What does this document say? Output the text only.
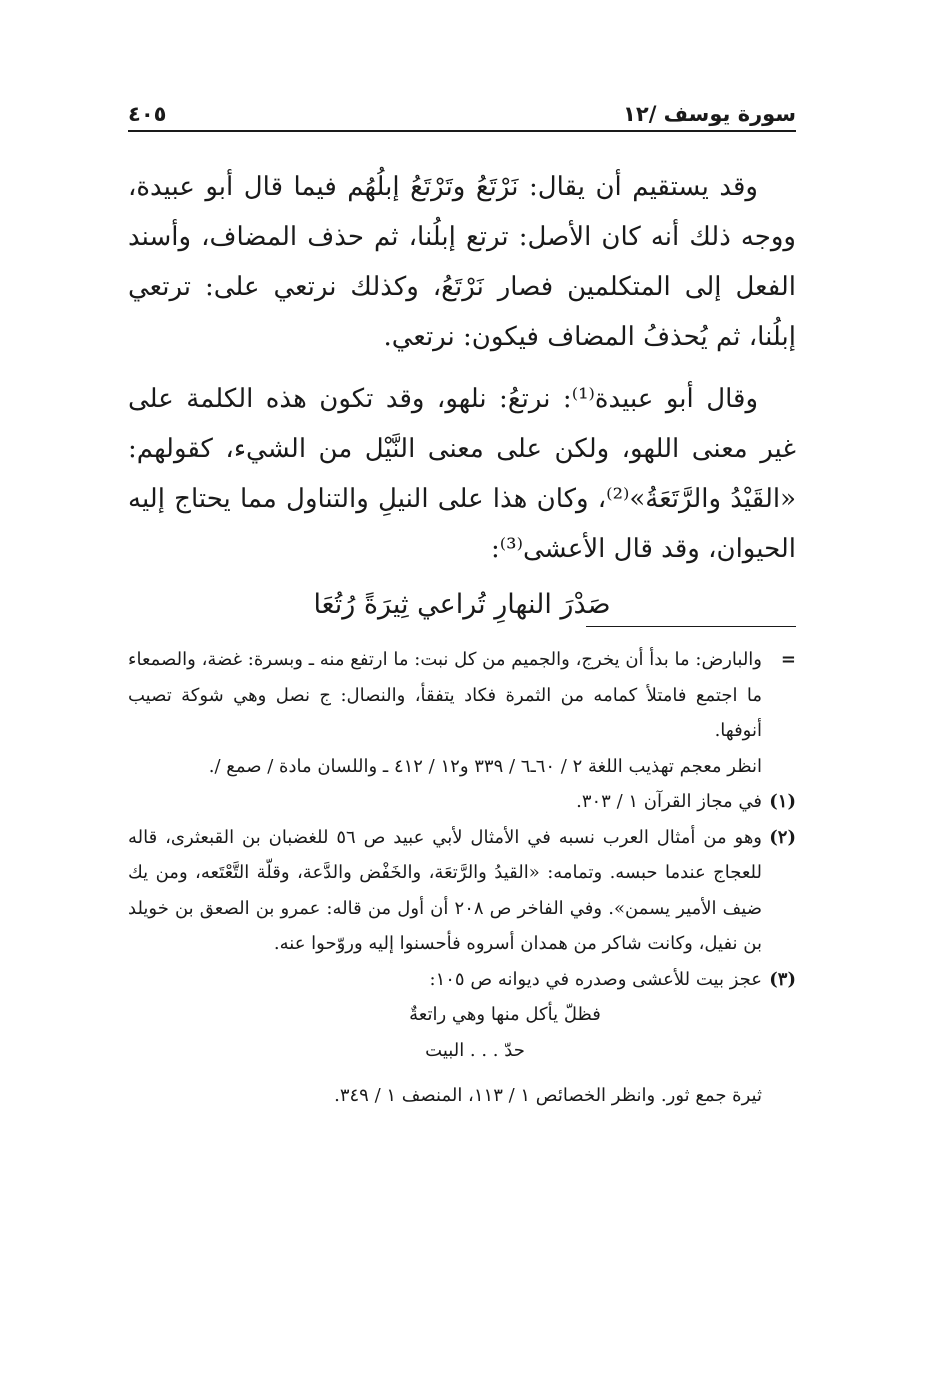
سورة يوسف /١٢
٤٠٥

وقد يستقيم أن يقال: نَرْتَعُ وتَرْتَعُ إبلُهُم فيما قال أبو عبيدة، ووجه ذلك أنه كان الأصل: ترتع إبلُنا، ثم حذف المضاف، وأسند الفعل إلى المتكلمين فصار نَرْتَعُ، وكذلك نرتعي على: ترتعي إبلُنا، ثم يُحذفُ المضاف فيكون: نرتعي.

وقال أبو عبيدة⁽¹⁾: نرتعُ: نلهو، وقد تكون هذه الكلمة على غير معنى اللهو، ولكن على معنى النَّيْل من الشيء، كقولهم: «القَيْدُ والرَّتَعَةُ»⁽²⁾، وكان هذا على النيلِ والتناول مما يحتاج إليه الحيوان، وقد قال الأعشى⁽³⁾:

صَدْرَ النهارِ تُراعي ثِيرَةً رُتُعَا
=
والبارض: ما بدأ أن يخرج، والجميم من كل نبت: ما ارتفع منه ـ وبسرة: غضة، والصمعاء ما اجتمع فامتلأ كمامه من الثمرة فكاد يتفقأ، والنصال: ج نصل وهي شوكة تصيب أنوفها.
انظر معجم تهذيب اللغة ٢ / ٦٠ـ٦ / ٣٣٩ و١٢ / ٤١٢ ـ واللسان مادة / صمع /.
(١)
في مجاز القرآن ١ / ٣٠٣.
(٢)
وهو من أمثال العرب نسبه في الأمثال لأبي عبيد ص ٥٦ للغضبان بن القبعثرى، قاله للعجاج عندما حبسه. وتمامه: «القيدُ والرَّتعَة، والخَفْض والدَّعة، وقلّة التَّعْتَعه، ومن يك ضيف الأمير يسمن». وفي الفاخر ص ٢٠٨ أن أول من قاله: عمرو بن الصعق بن خويلد بن نفيل، وكانت شاكر من همدان أسروه فأحسنوا إليه وروّحوا عنه.
(٣)
عجز بيت للأعشى وصدره في ديوانه ص ١٠٥:
فظلّ يأكل منها وهي راتعةٌ
حدّ . . . البيت
ثيرة جمع ثور. وانظر الخصائص ١ / ١١٣، المنصف ١ / ٣٤٩.
